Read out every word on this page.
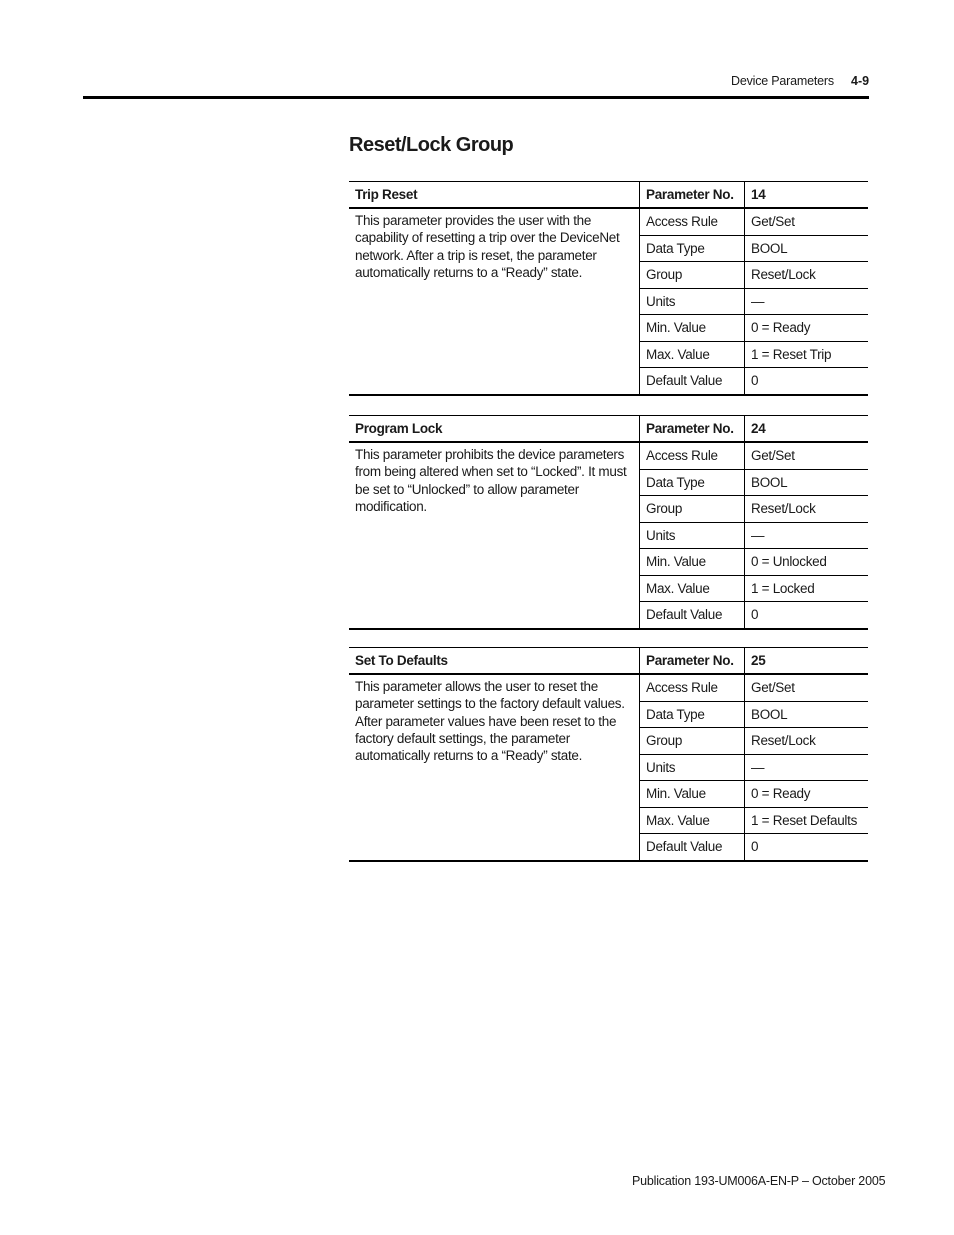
Device Parameters 4-9
Reset/Lock Group
Trip Reset	Parameter No.	14
This parameter provides the user with the capability of resetting a trip over the DeviceNet network. After a trip is reset, the parameter automatically returns to a “Ready” state.	Access Rule	Get/Set
	Data Type	BOOL
	Group	Reset/Lock
	Units	—
	Min. Value	0 = Ready
	Max. Value	1 = Reset Trip
	Default Value	0
Program Lock	Parameter No.	24
This parameter prohibits the device parameters from being altered when set to “Locked”. It must be set to “Unlocked” to allow parameter modification.	Access Rule	Get/Set
	Data Type	BOOL
	Group	Reset/Lock
	Units	—
	Min. Value	0 = Unlocked
	Max. Value	1 = Locked
	Default Value	0
Set To Defaults	Parameter No.	25
This parameter allows the user to reset the parameter settings to the factory default values. After parameter values have been reset to the factory default settings, the parameter automatically returns to a “Ready” state.	Access Rule	Get/Set
	Data Type	BOOL
	Group	Reset/Lock
	Units	—
	Min. Value	0 = Ready
	Max. Value	1 = Reset Defaults
	Default Value	0
Publication 193-UM006A-EN-P – October 2005
